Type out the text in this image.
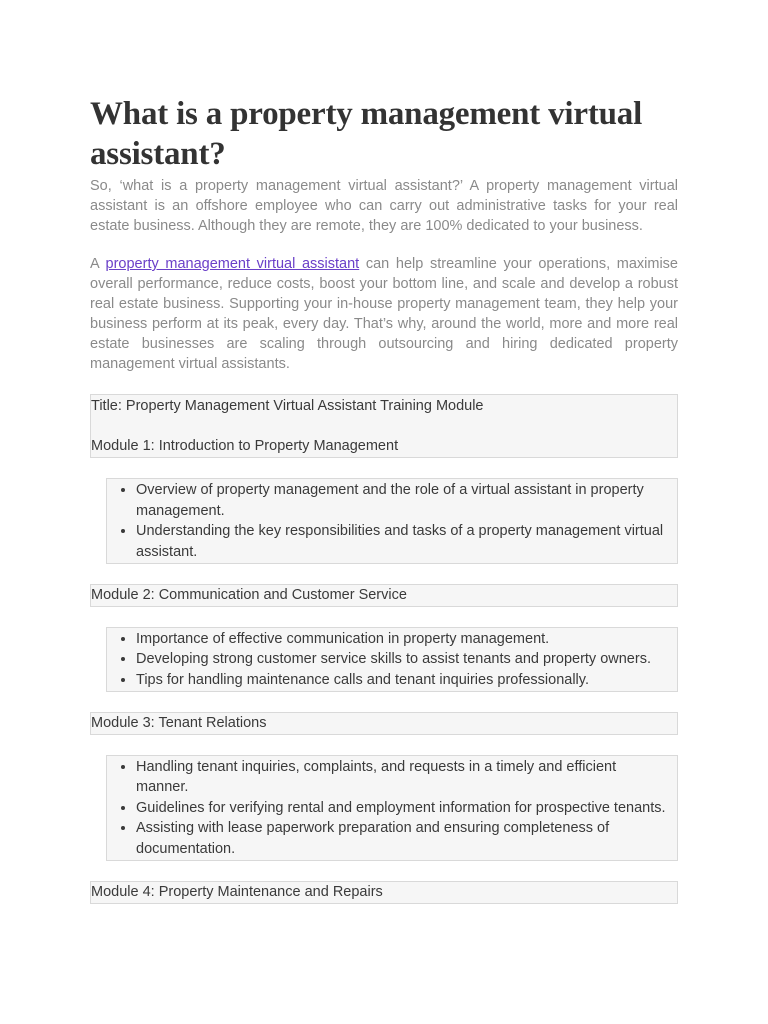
What is a property management virtual assistant?

So, ‘what is a property management virtual assistant?’ A property management virtual assistant is an offshore employee who can carry out administrative tasks for your real estate business. Although they are remote, they are 100% dedicated to your business.

A property management virtual assistant can help streamline your operations, maximise overall performance, reduce costs, boost your bottom line, and scale and develop a robust real estate business. Supporting your in-house property management team, they help your business perform at its peak, every day. That’s why, around the world, more and more real estate businesses are scaling through outsourcing and hiring dedicated property management virtual assistants.

Title: Property Management Virtual Assistant Training Module
Module 1: Introduction to Property Management
• Overview of property management and the role of a virtual assistant in property management.
• Understanding the key responsibilities and tasks of a property management virtual assistant.
Module 2: Communication and Customer Service
• Importance of effective communication in property management.
• Developing strong customer service skills to assist tenants and property owners.
• Tips for handling maintenance calls and tenant inquiries professionally.
Module 3: Tenant Relations
• Handling tenant inquiries, complaints, and requests in a timely and efficient manner.
• Guidelines for verifying rental and employment information for prospective tenants.
• Assisting with lease paperwork preparation and ensuring completeness of documentation.
Module 4: Property Maintenance and Repairs
